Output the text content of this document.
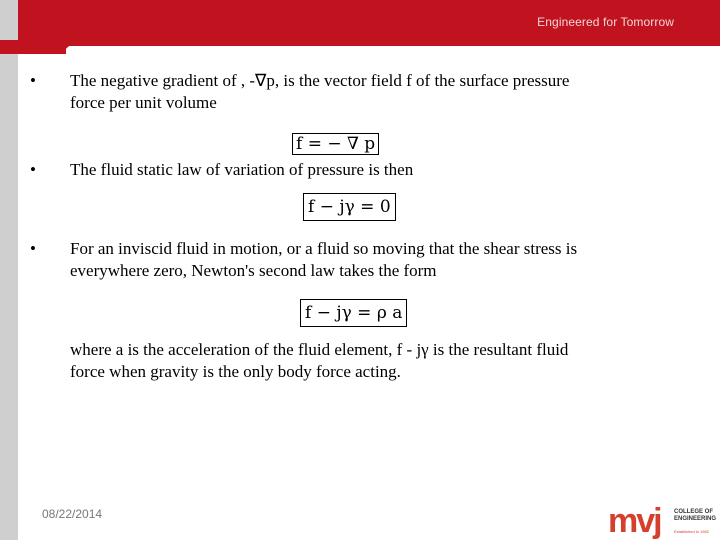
Engineered for Tomorrow
• The negative gradient of , -∇p, is the vector field f of the surface pressure
force per unit volume
f = − ∇ p
• The fluid static law of variation of pressure is then
f − jγ = 0
• For an inviscid fluid in motion, or a fluid so moving that the shear stress is
everywhere zero, Newton's second law takes the form
f − jγ = ρ a
where a is the acceleration of the fluid element, f - jγ is the resultant fluid
force when gravity is the only body force acting.
08/22/2014	mvj COLLEGE OF
ENGINEERING
Established in 1982
